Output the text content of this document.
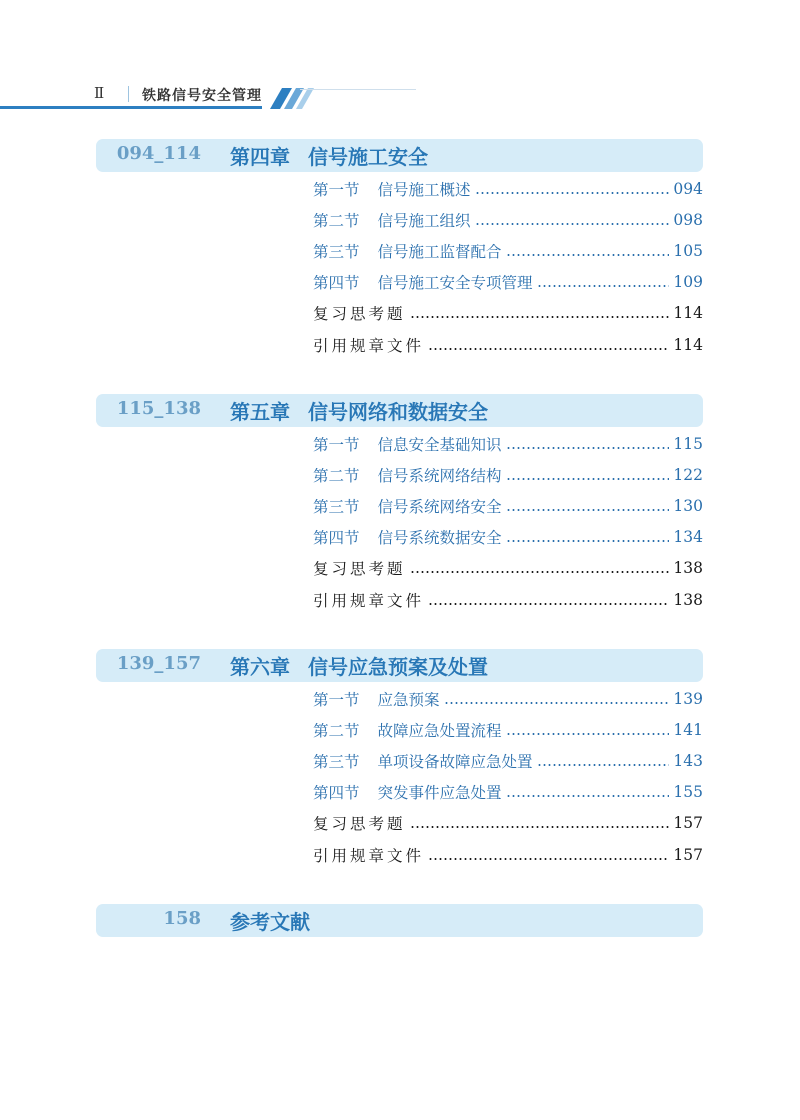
Ⅱ	铁路信号安全管理
094_114 第四章 信号施工安全
第一节 信号施工概述	094
第二节 信号施工组织	098
第三节 信号施工监督配合	105
第四节 信号施工安全专项管理	109
复习思考题	114
引用规章文件	114
115_138 第五章 信号网络和数据安全
第一节 信息安全基础知识	115
第二节 信号系统网络结构	122
第三节 信号系统网络安全	130
第四节 信号系统数据安全	134
复习思考题	138
引用规章文件	138
139_157 第六章 信号应急预案及处置
第一节 应急预案	139
第二节 故障应急处置流程	141
第三节 单项设备故障应急处置	143
第四节 突发事件应急处置	155
复习思考题	157
引用规章文件	157
158 参考文献
